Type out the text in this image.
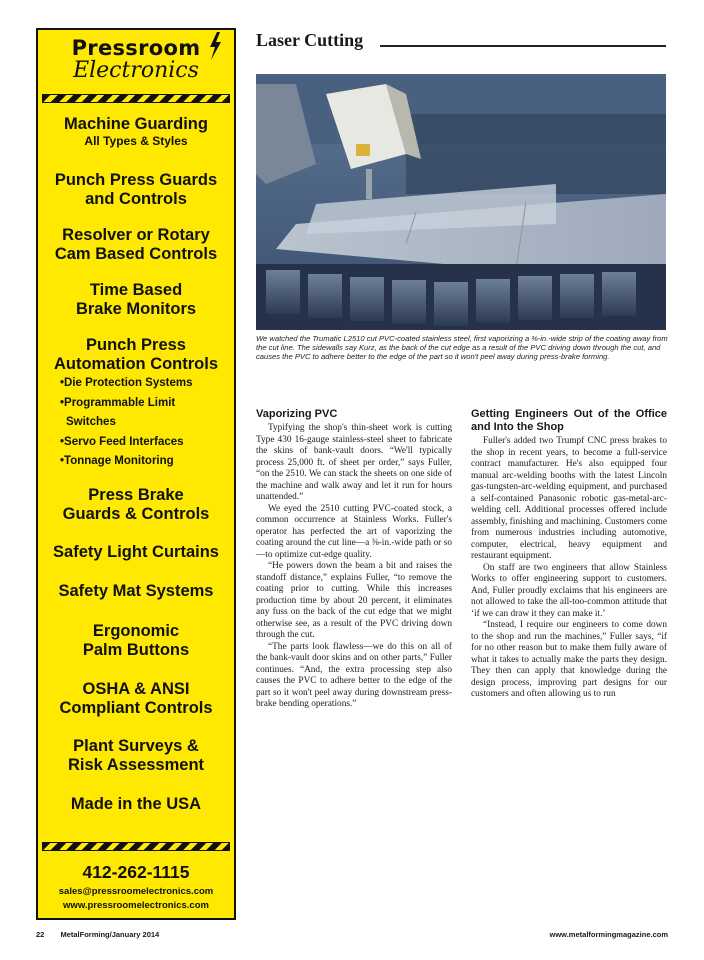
Pressroom
Electronics
Machine Guarding
All Types & Styles
Punch Press Guards
and Controls
Resolver or Rotary
Cam Based Controls
Time Based
Brake Monitors
Punch Press
Automation Controls
•Die Protection Systems
•Programmable Limit
Switches
•Servo Feed Interfaces
•Tonnage Monitoring
Press Brake
Guards & Controls
Safety Light Curtains
Safety Mat Systems
Ergonomic
Palm Buttons
OSHA & ANSI
Compliant Controls
Plant Surveys &
Risk Assessment
Made in the USA
412-262-1115
sales@pressroomelectronics.com
www.pressroomelectronics.com
Laser Cutting
We watched the Trumatic L2510 cut PVC-coated stainless steel, first vaporizing a ⅜-in.-wide strip of the coating away from the cut line. The sidewalls say Kurz, as the back of the cut edge as a result of the PVC driving down through the cut, and causes the PVC to adhere better to the edge of the part so it won't peel away during press-brake forming.
Vaporizing PVC

Typifying the shop's thin-sheet work is cutting Type 430 16-gauge stainless-steel sheet to fabricate the skins of bank-vault doors. “We'll typically process 25,000 ft. of sheet per order,” says Fuller, “on the 2510. We can stack the sheets on one side of the machine and walk away and let it run for hours unattended.”

We eyed the 2510 cutting PVC-coated stock, a common occurrence at Stainless Works. Fuller's operator has perfected the art of vaporizing the coating around the cut line—a ⅜-in.-wide path or so—to optimize cut-edge quality.

“He powers down the beam a bit and raises the standoff distance,” explains Fuller, “to remove the coating prior to cutting. While this increases production time by about 20 percent, it eliminates any fuss on the back of the cut edge that we might otherwise see, as a result of the PVC driving down through the cut.

“The parts look flawless—we do this on all of the bank-vault door skins and on other parts,” Fuller continues. “And, the extra processing step also causes the PVC to adhere better to the edge of the part so it won't peel away during downstream press-brake bending operations.”

Getting Engineers Out of the Office and Into the Shop

Fuller's added two Trumpf CNC press brakes to the shop in recent years, to become a full-service contract manufacturer. He's also equipped four manual arc-welding booths with the latest Lincoln gas-tungsten-arc-welding equipment, and purchased a self-contained Panasonic robotic gas-metal-arc-welding cell. Additional processes offered include assembly, finishing and machining. Customers come from numerous industries including automotive, computer, electrical, heavy equipment and restaurant equipment.

On staff are two engineers that allow Stainless Works to offer engineering support to customers. And, Fuller proudly exclaims that his engineers are not allowed to take the all-too-common attitude that ‘if we can draw it they can make it.’

“Instead, I require our engineers to come down to the shop and run the machines,” Fuller says, “if for no other reason but to make them fully aware of what it takes to actually make the parts they design. They then can apply that knowledge during the design process, improving part designs for our customers and often allowing us to run

22 MetalForming/January 2014	www.metalformingmagazine.com
